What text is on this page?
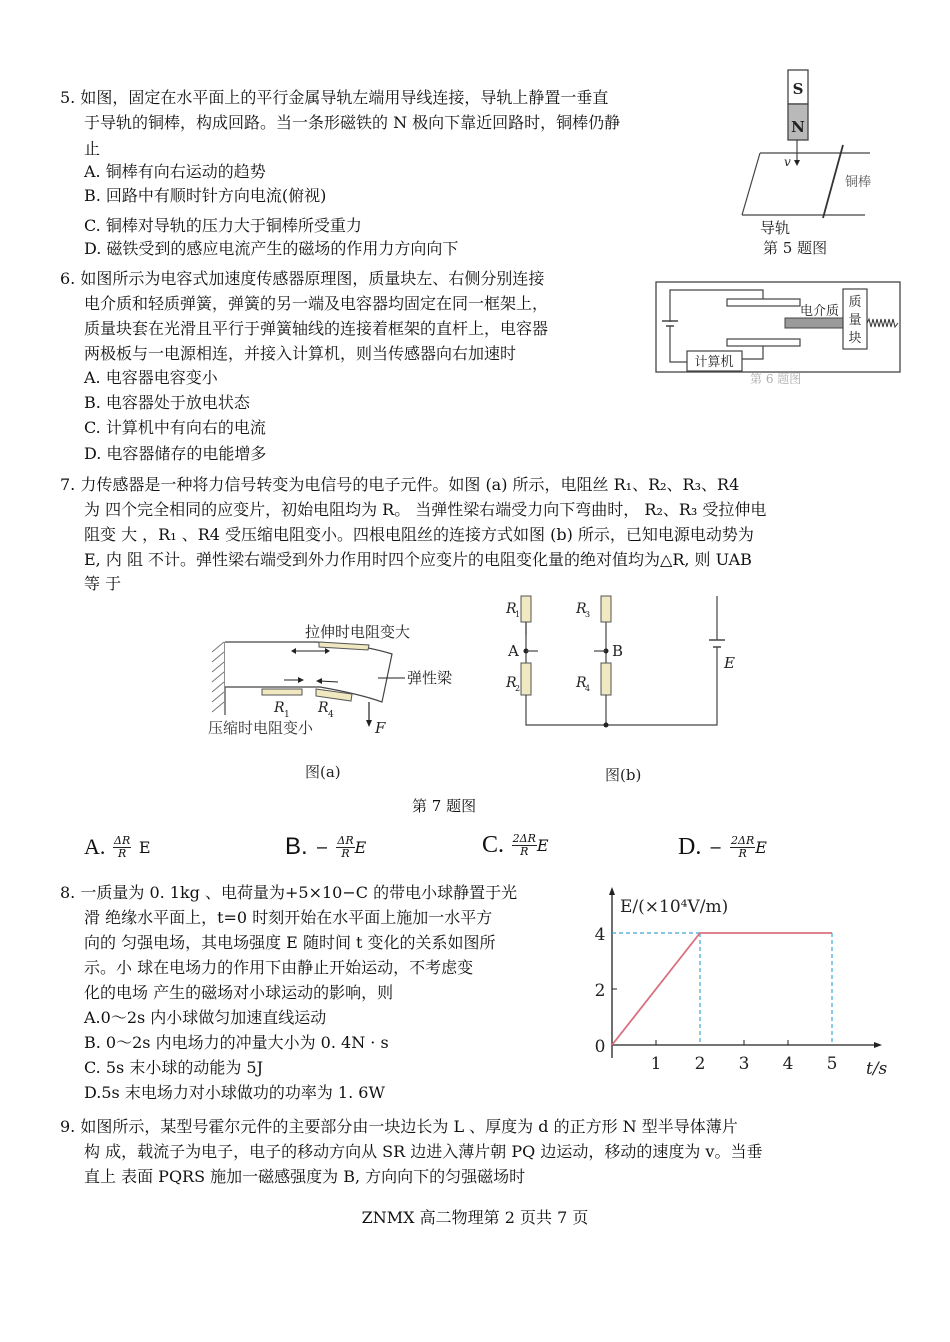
5. 如图，固定在水平面上的平行金属导轨左端用导线连接，导轨上静置一垂直
于导轨的铜棒，构成回路。当一条形磁铁的 N 极向下靠近回路时，铜棒仍静
止
A. 铜棒有向右运动的趋势
B. 回路中有顺时针方向电流(俯视)
C. 铜棒对导轨的压力大于铜棒所受重力
D. 磁铁受到的感应电流产生的磁场的作用力方向向下
S
N
v
铜棒
导轨
第 5 题图
6. 如图所示为电容式加速度传感器原理图，质量块左、右侧分别连接
电介质和轻质弹簧，弹簧的另一端及电容器均固定在同一框架上，
质量块套在光滑且平行于弹簧轴线的连接着框架的直杆上，电容器
两极板与一电源相连，并接入计算机，则当传感器向右加速时
A. 电容器电容变小
B. 电容器处于放电状态
C. 计算机中有向右的电流
D. 电容器储存的电能增多
计算机
电介质
质
量
块
第 6 题图
7. 力传感器是一种将力信号转变为电信号的电子元件。如图 (a) 所示，电阻丝 R₁、R₂、R₃、R4
为 四个完全相同的应变片，初始电阻均为 R。 当弹性梁右端受力向下弯曲时， R₂、R₃ 受拉伸电
阻变 大 ，R₁ 、R4 受压缩电阻变小。四根电阻丝的连接方式如图 (b) 所示，已知电源电动势为
E, 内 阻 不计。弹性梁右端受到外力作用时四个应变片的电阻变化量的绝对值均为△R, 则 UAB
等 于
拉伸时电阻变大
弹性梁
R 1 R 4
压缩时电阻变小	F
图(a)
E
R
1	R
3
A	B
R
2	R
4
图(b)
第 7 题图
A. $\frac{\Delta R}{R}$ E	B. − $\frac{\Delta R}{R}$ E	C. $\frac{2\Delta R}{R}$ E	D. − $\frac{2\Delta R}{R}$ E
8. 一质量为 0. 1kg 、电荷量为+5×10−C 的带电小球静置于光
滑 绝缘水平面上，t=0 时刻开始在水平面上施加一水平方
向的 匀强电场，其电场强度 E 随时间 t 变化的关系如图所
示。小 球在电场力的作用下由静止开始运动，不考虑变
化的电场 产生的磁场对小球运动的影响，则
A.0～2s 内小球做匀加速直线运动
B. 0～2s 内电场力的冲量大小为 0. 4N · s
C. 5s 末小球的动能为 5J
D.5s 末电场力对小球做功的功率为 1. 6W
E/(×10⁴V/m)
4
2
0
1 2 3 4 5 t/s
9. 如图所示，某型号霍尔元件的主要部分由一块边长为 L 、厚度为 d 的正方形 N 型半导体薄片
构 成，载流子为电子，电子的移动方向从 SR 边进入薄片朝 PQ 边运动，移动的速度为 v。当垂
直上 表面 PQRS 施加一磁感强度为 B, 方向向下的匀强磁场时
ZNMX 高二物理第 2 页共 7 页
